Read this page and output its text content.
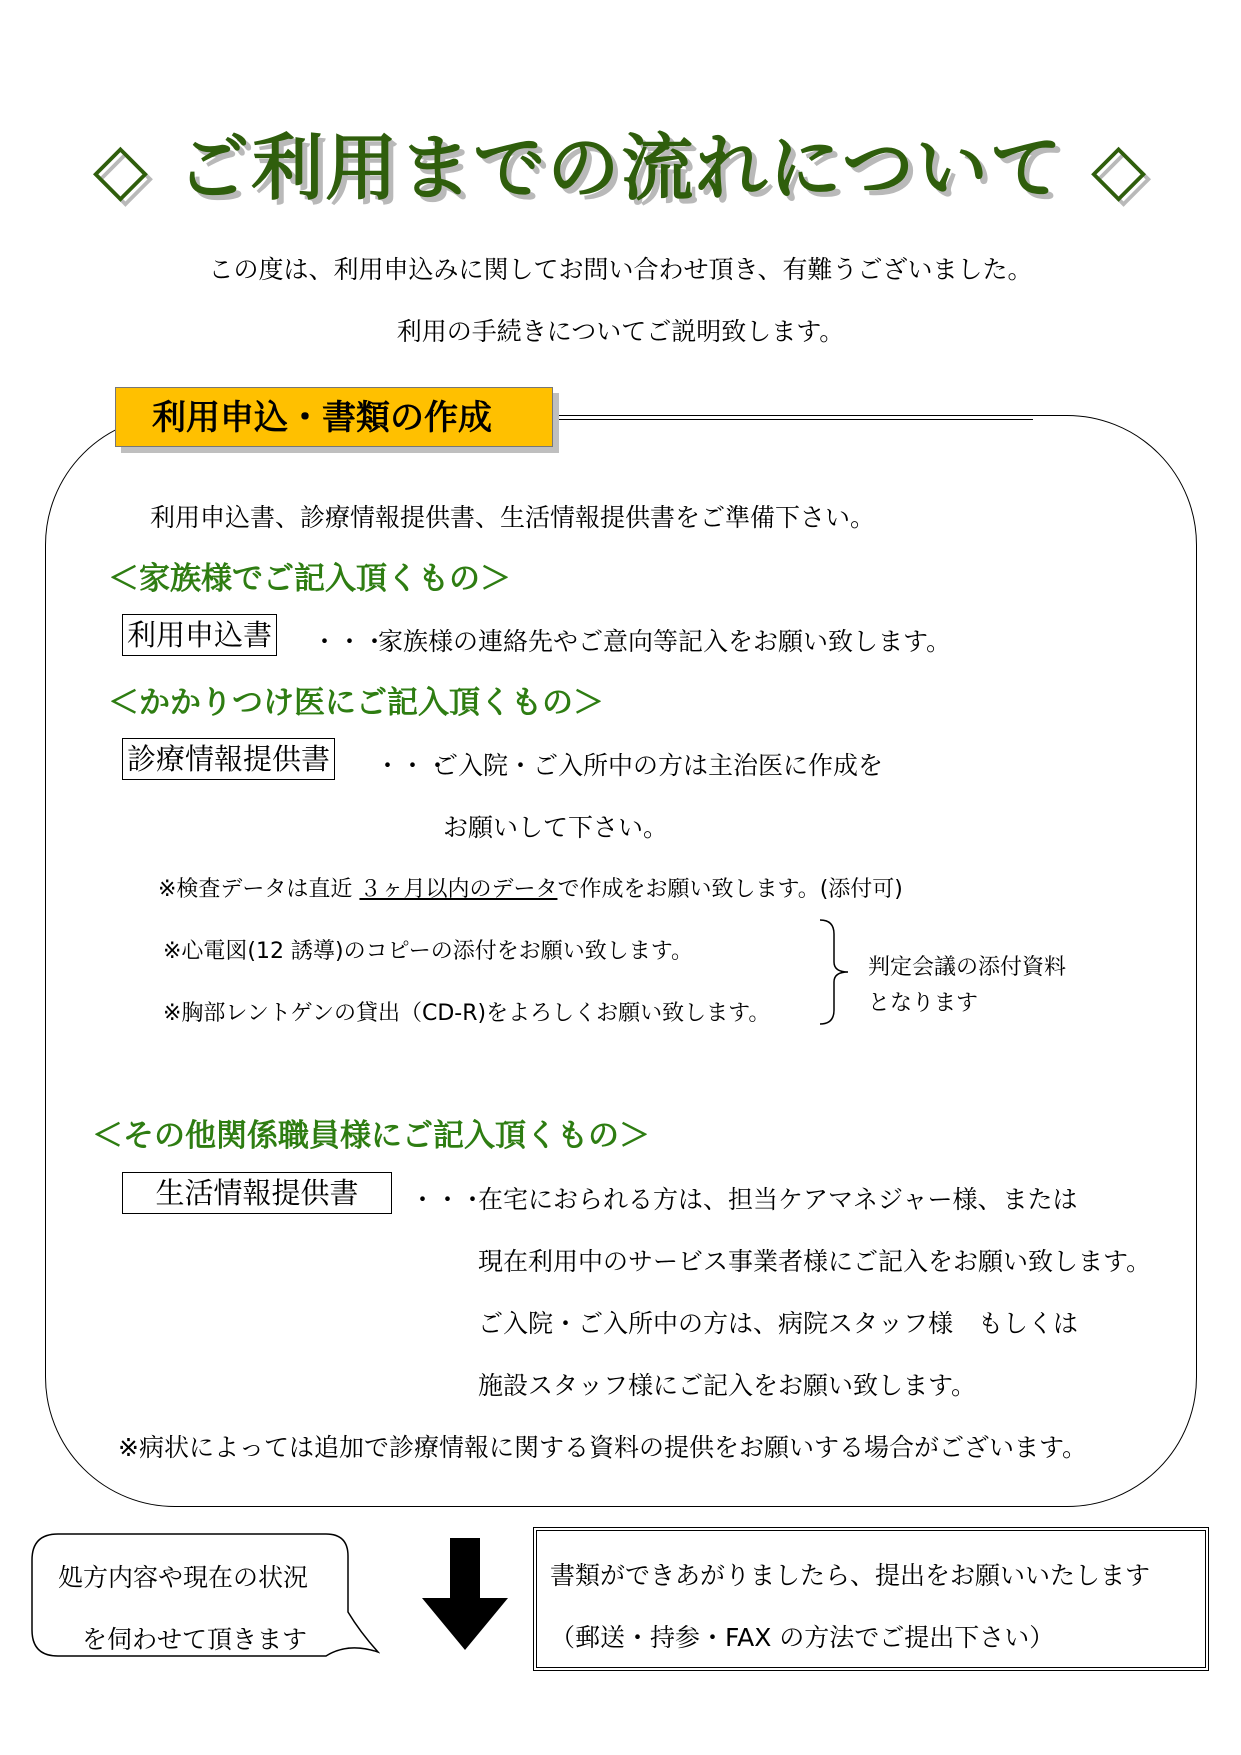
◇ ご利用までの流れについて ◇
この度は、利用申込みに関してお問い合わせ頂き、有難うございました。
利用の手続きについてご説明致します。
利用申込・書類の作成
利用申込書、診療情報提供書、生活情報提供書をご準備下さい。
＜家族様でご記入頂くもの＞
利用申込書 ・・・
家族様の連絡先やご意向等記入をお願い致します。
＜かかりつけ医にご記入頂くもの＞
診療情報提供書 ・・・
ご入院・ご入所中の方は主治医に作成を
お願いして下さい。
※検査データは直近 ３ヶ月以内のデータで作成をお願い致します。(添付可)
※心電図(12 誘導)のコピーの添付をお願い致します。
※胸部レントゲンの貸出（CD-R)をよろしくお願い致します。
判定会議の添付資料
となります
＜その他関係職員様にご記入頂くもの＞
生活情報提供書	・・・
在宅におられる方は、担当ケアマネジャー様、または
現在利用中のサービス事業者様にご記入をお願い致します。
ご入院・ご入所中の方は、病院スタッフ様　もしくは
施設スタッフ様にご記入をお願い致します。
※病状によっては追加で診療情報に関する資料の提供をお願いする場合がございます。
処方内容や現在の状況
を伺わせて頂きます
書類ができあがりましたら、提出をお願いいたします
（郵送・持参・FAX の方法でご提出下さい）
